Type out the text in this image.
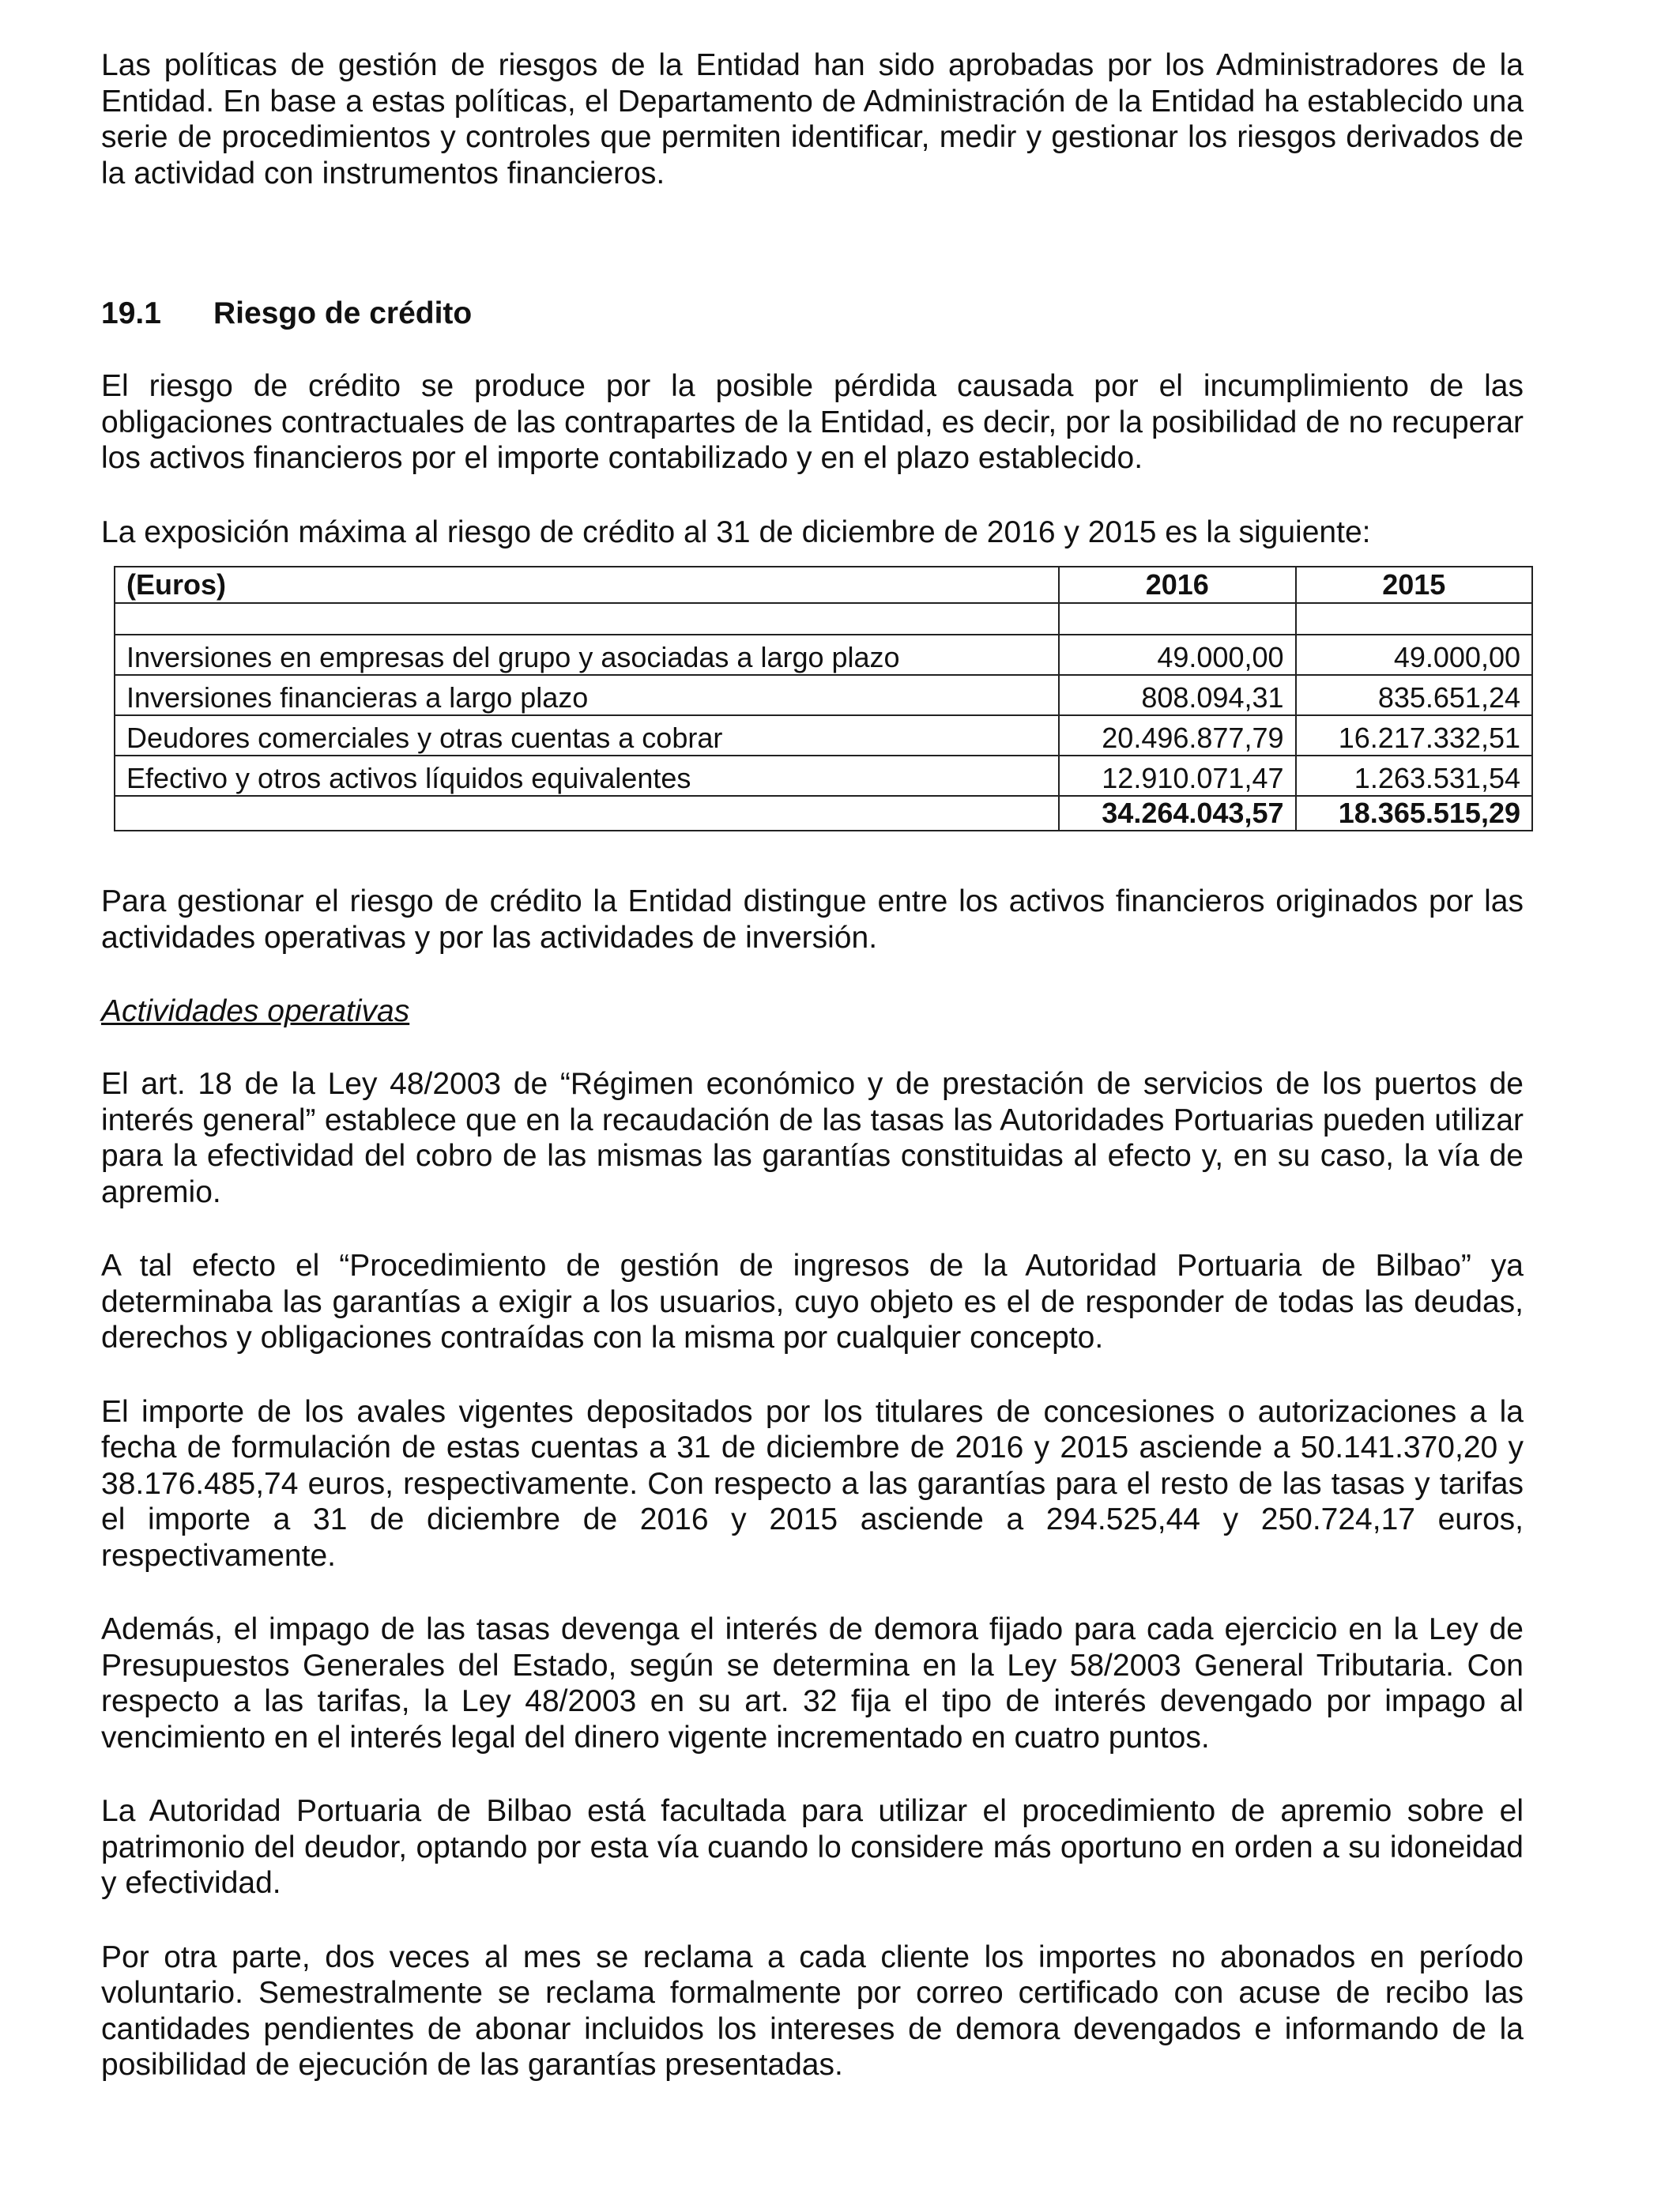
Las políticas de gestión de riesgos de la Entidad han sido aprobadas por los Administradores de la Entidad. En base a estas políticas, el Departamento de Administración de la Entidad ha establecido una serie de procedimientos y controles que permiten identificar, medir y gestionar los riesgos derivados de la actividad con instrumentos financieros.

19.1	Riesgo de crédito

El riesgo de crédito se produce por la posible pérdida causada por el incumplimiento de las obligaciones contractuales de las contrapartes de la Entidad, es decir, por la posibilidad de no recuperar los activos financieros por el importe contabilizado y en el plazo establecido.

La exposición máxima al riesgo de crédito al 31 de diciembre de 2016 y 2015 es la siguiente:

(Euros)	2016	2015

Inversiones en empresas del grupo y asociadas a largo plazo	49.000,00	49.000,00
Inversiones financieras a largo plazo	808.094,31	835.651,24
Deudores comerciales y otras cuentas a cobrar	20.496.877,79	16.217.332,51
Efectivo y otros activos líquidos equivalentes	12.910.071,47	1.263.531,54
	34.264.043,57	18.365.515,29

Para gestionar el riesgo de crédito la Entidad distingue entre los activos financieros originados por las actividades operativas y por las actividades de inversión.

Actividades operativas

El art. 18 de la Ley 48/2003 de “Régimen económico y de prestación de servicios de los puertos de interés general” establece que en la recaudación de las tasas las Autoridades Portuarias pueden utilizar para la efectividad del cobro de las mismas las garantías constituidas al efecto y, en su caso, la vía de apremio.

A tal efecto el “Procedimiento de gestión de ingresos de la Autoridad Portuaria de Bilbao” ya determinaba las garantías a exigir a los usuarios, cuyo objeto es el de responder de todas las deudas, derechos y obligaciones contraídas con la misma por cualquier concepto.

El importe de los avales vigentes depositados por los titulares de concesiones o autorizaciones a la fecha de formulación de estas cuentas a 31 de diciembre de 2016 y 2015 asciende a 50.141.370,20 y 38.176.485,74 euros, respectivamente. Con respecto a las garantías para el resto de las tasas y tarifas el importe a 31 de diciembre de 2016 y 2015 asciende a 294.525,44 y 250.724,17 euros, respectivamente.

Además, el impago de las tasas devenga el interés de demora fijado para cada ejercicio en la Ley de Presupuestos Generales del Estado, según se determina en la Ley 58/2003 General Tributaria. Con respecto a las tarifas, la Ley 48/2003 en su art. 32 fija el tipo de interés devengado por impago al vencimiento en el interés legal del dinero vigente incrementado en cuatro puntos.

La Autoridad Portuaria de Bilbao está facultada para utilizar el procedimiento de apremio sobre el patrimonio del deudor, optando por esta vía cuando lo considere más oportuno en orden a su idoneidad y efectividad.

Por otra parte, dos veces al mes se reclama a cada cliente los importes no abonados en período voluntario. Semestralmente se reclama formalmente por correo certificado con acuse de recibo las cantidades pendientes de abonar incluidos los intereses de demora devengados e informando de la posibilidad de ejecución de las garantías presentadas.
